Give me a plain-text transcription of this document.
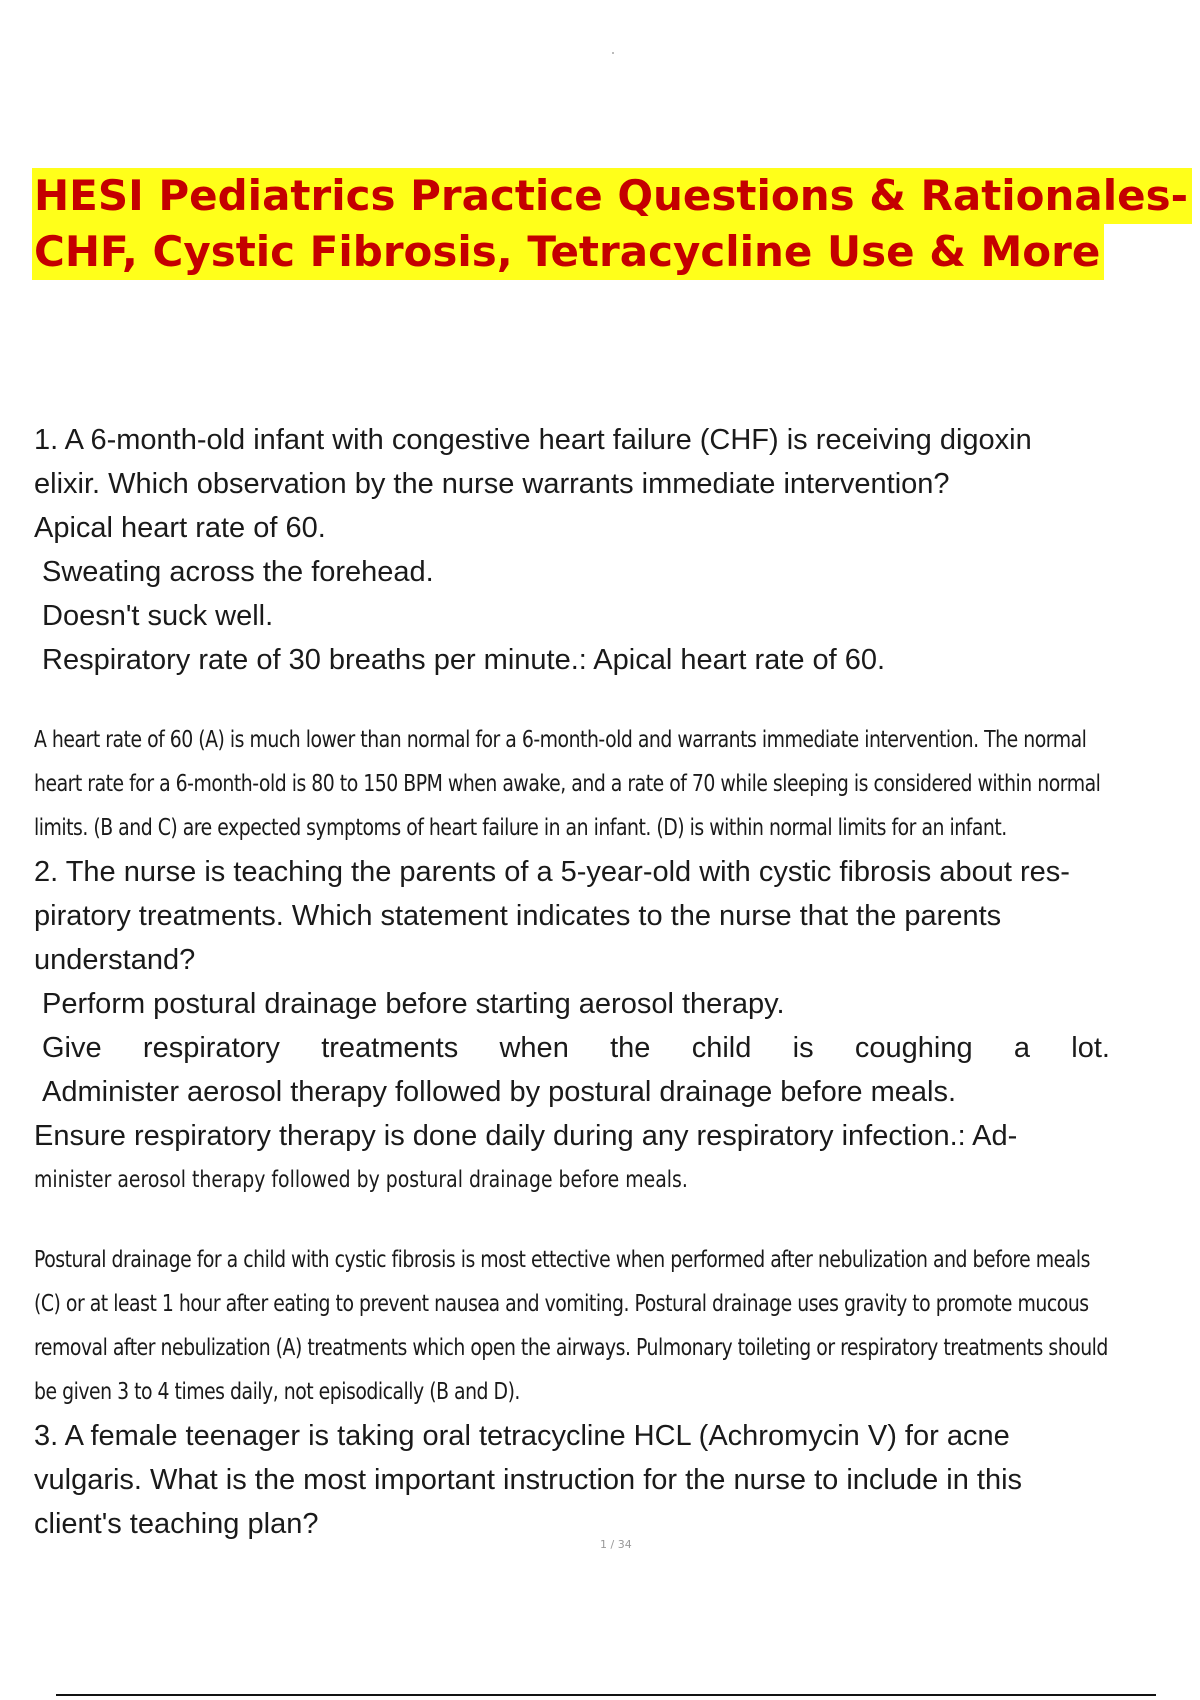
HESI Pediatrics Practice Questions & Rationales-
CHF, Cystic Fibrosis, Tetracycline Use & More

1. A 6-month-old infant with congestive heart failure (CHF) is receiving digoxin

elixir. Which observation by the nurse warrants immediate intervention?

Apical heart rate of 60.

Sweating across the forehead.

Doesn't suck well.

Respiratory rate of 30 breaths per minute.: Apical heart rate of 60.

A heart rate of 60 (A) is much lower than normal for a 6-month-old and warrants immediate intervention. The normal

heart rate for a 6-month-old is 80 to 150 BPM when awake, and a rate of 70 while sleeping is considered within normal

limits. (B and C) are expected symptoms of heart failure in an infant. (D) is within normal limits for an infant.

2. The nurse is teaching the parents of a 5-year-old with cystic fibrosis about res-

piratory treatments. Which statement indicates to the nurse that the parents

understand?

Perform postural drainage before starting aerosol therapy.

Give respiratory treatments when the child is coughing a lot.

Administer aerosol therapy followed by postural drainage before meals.

Ensure respiratory therapy is done daily during any respiratory infection.: Ad-

minister aerosol therapy followed by postural drainage before meals.

Postural drainage for a child with cystic fibrosis is most ettective when performed after nebulization and before meals

(C) or at least 1 hour after eating to prevent nausea and vomiting. Postural drainage uses gravity to promote mucous

removal after nebulization (A) treatments which open the airways. Pulmonary toileting or respiratory treatments should

be given 3 to 4 times daily, not episodically (B and D).

3. A female teenager is taking oral tetracycline HCL (Achromycin V) for acne

vulgaris. What is the most important instruction for the nurse to include in this

client's teaching plan?

1 / 34
